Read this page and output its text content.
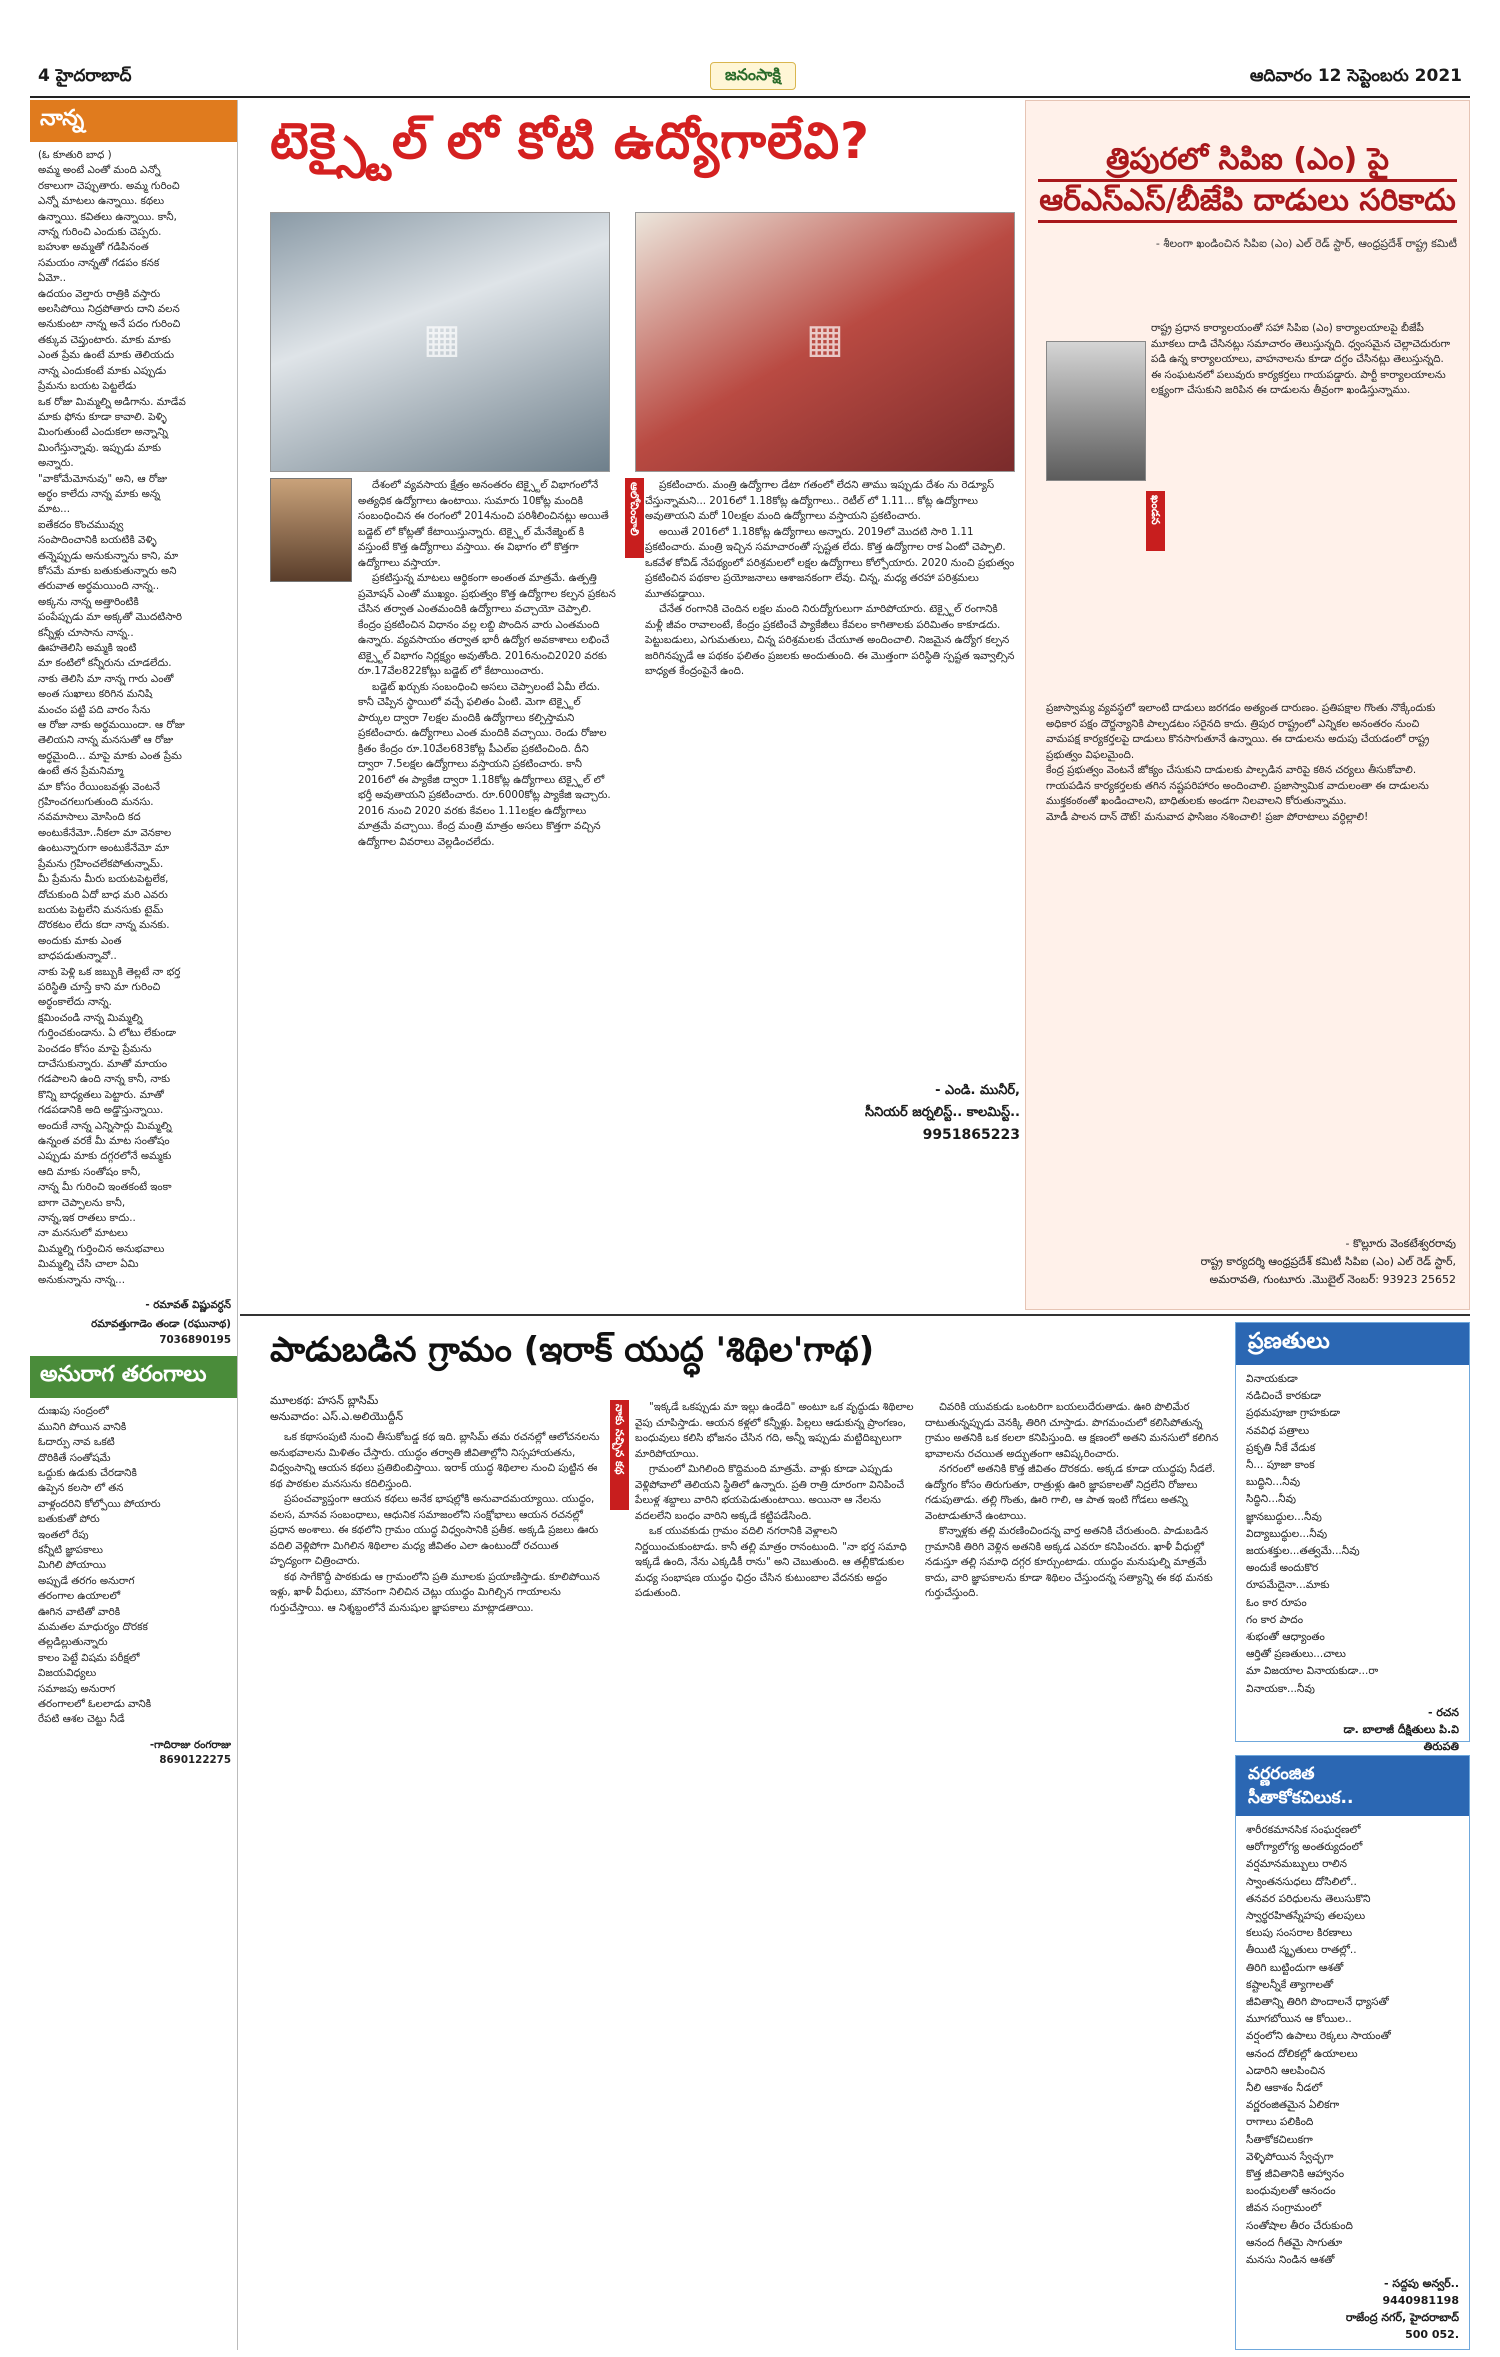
4 హైదరాబాద్	జనంసాక్షి	ఆదివారం 12 సెప్టెంబరు 2021
నాన్న
(ఓ కూతురి బాధ )
అమ్మ అంటే ఎంతో మంది ఎన్నో
రకాలుగా చెప్పుతారు. అమ్మ గురించి
ఎన్నో మాటలు ఉన్నాయి. కథలు
ఉన్నాయి. కవితలు ఉన్నాయి. కానీ,
నాన్న గురించి ఎందుకు చెప్పరు.
బహుశా అమ్మతో గడిపినంత
సమయం నాన్నతో గడపం కనక
ఏమో..
ఉదయం వెల్తారు రాత్రికి వస్తారు
అలసిపోయి నిద్రపోతారు దాని వలన
అనుకుంటా నాన్న అనే పదం గురించి
తక్కువ చెప్తుంటారు. మాకు మాకు
ఎంత ప్రేమ ఉంటే మాకు తెలియదు
నాన్న ఎందుకంటే మాకు ఎప్పుడు
ప్రేమను బయట పెట్టలేడు
ఒక రోజు మిమ్మల్ని అడిగాను. మాడేవ
మాకు ఫోను కూడా కావాలి. పెళ్ళి
మింగుతుంటే ఎందుకలా అన్నాన్ని
మింగేస్తున్నావు. ఇప్పుడు మాకు
అన్నారు.
"వాకోమేమోనువు" అని, ఆ రోజు
అర్థం కాలేదు నాన్న మాకు అన్న
మాట...
ఐతేకదం కొంచమువ్వు
సంపాదించానికి బయటికి వెళ్ళి
తన్నెప్పుడు అనుకున్నాను కాని, మా
కోసమే మాకు బతుకుతున్నారు అని
తరువాత అర్థమయింది నాన్న..
అక్కను నాన్న అత్తారింటికి
పంపేప్పుడు మా అక్కతో మొదటిసారి
కన్నీళ్లు చూసాను నాన్న..
ఊహతెలిసి అమ్మకి ఇంటి
మా కంటిలో కన్నీరును చూడలేదు.
నాకు తెలిసి మా నాన్న గారు ఎంతో
అంత సుఖాలు కరిగిన మనిషి
మంచం పట్టి పది వారం సేను
ఆ రోజు నాకు అర్థమయిందా. ఆ రోజు
తెలియని నాన్న మనసుతో ఆ రోజు
అర్థమైంది... మాపై మాకు ఎంత ప్రేమ
ఉంటే తన ప్రేమనిమ్మా
మా కోసం రేయింబవళ్లు వెంటనే
గ్రహించగలుగుతుంది మనసు.
నవమాసాలు మోసింది కద
అంటుకేనేమో..నీకలా మా వెనకాల
ఉంటున్నారుగా అంటుకేనేమో మా
ప్రేమను గ్రహించలేకపోతున్నామ్.
మీ ప్రేమను మీరు బయటపెట్టలేక,
దోచుకుంది ఏదో బాధ మరి ఎవరు
బయట పెట్టలేని మనసుకు టైమ్
దొరకటం లేదు కదా నాన్న మనకు.
అందుకు మాకు ఎంత
బాధపడుతున్నావో..
నాకు పెళ్లి ఒక జబ్బుకి తెల్లటే నా భర్త
పరిస్థితి చూస్తే కాని మా గురించి
అర్థంకాలేదు నాన్న.
క్షమించండి నాన్న మిమ్మల్ని
గుర్తించకుండాను. ఏ లోటు లేకుండా
పెంచడం కోసం మాపై ప్రేమను
దాచేసుకున్నారు. మాతో మాయం
గడపాలని ఉంది నాన్న కానీ, నాకు
కొన్ని బాధ్యతలు పెట్టారు. మాతో
గడపడానికి అది అడ్డొస్తున్నాయి.
అందుకే నాన్న ఎన్నిసార్లు మిమ్మల్ని
ఉన్నంత వరకే మీ మాట సంతోషం
ఎప్పుడు మాకు దగ్గరలోనే అమ్మకు
ఆది మాకు సంతోషం కానీ,
నాన్న మీ గురించి ఇంతకంటే ఇంకా
బాగా చెప్పాలను కానీ,
నాన్న,ఇక రాతలు కాదు..
నా మనసులో మాటలు
మిమ్మల్ని గుర్తించిన అనుభవాలు
మిమ్మల్ని చేసి చాలా ఏమి
అనుకున్నాను నాన్న...
- రమావత్ విష్ణువర్ధన్
రమావత్తుగాడెం తండా (రఘునాథ)
7036890195
అనురాగ తరంగాలు
దుఃఖపు సంద్రంలో
మునిగి పోయిన వానికి
ఓదార్పు నావ ఒకటి
దొరికితే సంతోషమే
ఒద్దుకు ఉడుకు చేరడానికి
ఉప్పెన కలసా లో తన
వాళ్లందరిని కోల్పోయి పోయారు
బతుకుతో పోరు
ఇంతలో రేపు
కన్నీటి జ్ఞాపకాలు
మిగిలి పోయాయి
అప్పుడే తరగం అనురాగ
తరంగాల ఉయాలలో
ఊగిన వాటితో వారికి
మమతల మాధుర్యం దొరకక
తల్లడిల్లుతున్నారు
కాలం పెట్టే విషమ పరీక్షలో
విజయవిధ్యలు
సమాజపు అనురాగ
తరంగాలలో ఓలలాడు వానికి
రేపటి ఆశల చెట్టు నీడే
-గాదిరాజు రంగరాజు
8690122275
టెక్స్టైల్ లో కోటి ఉద్యోగాలేవి?
▦	▦

దేశంలో వ్యవసాయ క్షేత్రం అనంతరం టెక్స్టైల్ విభాగంలోనే అత్యధిక ఉద్యోగాలు ఉంటాయి. సుమారు 10కోట్ల మందికి సంబంధించిన ఈ రంగంలో 2014నుంచి పరిశీలించినట్లు అయితే బడ్జెట్ లో కోట్లతో కేటాయిస్తున్నారు. టెక్స్టైల్ మేనేజ్మెంట్ కి వస్తుంటే కొత్త ఉద్యోగాలు వస్తాయి. ఈ విభాగం లో కొత్తగా ఉద్యోగాలు వస్తాయా.

ప్రకటిస్తున్న మాటలు ఆర్థికంగా అంతంత మాత్రమే. ఉత్పత్తి ప్రమోషన్ ఎంతో ముఖ్యం. ప్రభుత్వం కొత్త ఉద్యోగాల కల్పన ప్రకటన చేసిన తర్వాత ఎంతమందికి ఉద్యోగాలు వచ్చాయో చెప్పాలి. కేంద్రం ప్రకటించిన విధానం వల్ల లబ్ది పొందిన వారు ఎంతమంది ఉన్నారు. వ్యవసాయం తర్వాత భారీ ఉద్యోగ అవకాశాలు లభించే టెక్స్టైల్ విభాగం నిర్లక్ష్యం అవుతోంది. 2016నుంచి2020 వరకు రూ.17వేల822కోట్లు బడ్జెట్ లో కేటాయించారు.

బడ్జెట్ ఖర్చుకు సంబంధించి అసలు చెప్పాలంటే ఏమీ లేదు. కానీ చెప్పిన స్థాయిలో వచ్చే ఫలితం ఏంటి. మెగా టెక్స్టైల్ పార్కుల ద్వారా 7లక్షల మందికి ఉద్యోగాలు కల్పిస్తామని ప్రకటించారు. ఉద్యోగాలు ఎంత మందికి వచ్చాయి. రెండు రోజుల క్రితం కేంద్రం రూ.10వేల683కోట్ల పీఎల్ఐ ప్రకటించింది. దీని ద్వారా 7.5లక్షల ఉద్యోగాలు వస్తాయని ప్రకటించారు. కానీ 2016లో ఈ ప్యాకేజి ద్వారా 1.18కోట్ల ఉద్యోగాలు టెక్స్టైల్ లో భర్తీ అవుతాయని ప్రకటించారు. రూ.6000కోట్ల ప్యాకేజి ఇచ్చారు. 2016 నుంచి 2020 వరకు కేవలం 1.11లక్షల ఉద్యోగాలు మాత్రమే వచ్చాయి. కేంద్ర మంత్రి మాత్రం అసలు కొత్తగా వచ్చిన ఉద్యోగాల వివరాలు వెల్లడించలేదు.

ఆలోచించాలి	ప్రకటించారు. మంత్రి ఉద్యోగాల డేటా గతంలో లేదని తాము ఇప్పుడు దేశం ను రెడ్యూస్ చేస్తున్నామని... 2016లో 1.18కోట్ల ఉద్యోగాలు.. రెటీల్ లో 1.11... కోట్ల ఉద్యోగాలు అవుతాయని మరో 10లక్షల మంది ఉద్యోగాలు వస్తాయని ప్రకటించారు.

అయితే 2016లో 1.18కోట్ల ఉద్యోగాలు అన్నారు. 2019లో మొదటి సారి 1.11 ప్రకటించారు. మంత్రి ఇచ్చిన సమాచారంతో స్పష్టత లేదు. కొత్త ఉద్యోగాల రాక ఏంటో చెప్పాలి. ఒకవేళ కోవిడ్ నేపథ్యంలో పరిశ్రమలలో లక్షల ఉద్యోగాలు కోల్పోయారు. 2020 నుంచి ప్రభుత్వం ప్రకటించిన పథకాల ప్రయోజనాలు ఆశాజనకంగా లేవు. చిన్న, మధ్య తరహా పరిశ్రమలు మూతపడ్డాయి.

చేనేత రంగానికి చెందిన లక్షల మంది నిరుద్యోగులుగా మారిపోయారు. టెక్స్టైల్ రంగానికి మళ్లీ జీవం రావాలంటే, కేంద్రం ప్రకటించే ప్యాకేజీలు కేవలం కాగితాలకు పరిమితం కాకూడదు. పెట్టుబడులు, ఎగుమతులు, చిన్న పరిశ్రమలకు చేయూత అందించాలి. నిజమైన ఉద్యోగ కల్పన జరిగినప్పుడే ఆ పథకం ఫలితం ప్రజలకు అందుతుంది. ఈ మొత్తంగా పరిస్థితి స్పష్టత ఇవ్వాల్సిన బాధ్యత కేంద్రంపైనే ఉంది.

- ఎండి. మునీర్,
సీనియర్ జర్నలిస్ట్.. కాలమిస్ట్..
9951865223
త్రిపురలో సిపిఐ (ఎం) పై
ఆర్ఎస్ఎస్/బీజేపి దాడులు సరికాదు
- శీలంగా ఖండించిన సిపిఐ (ఎం) ఎల్ రెడ్ స్టార్, ఆంధ్రప్రదేశ్ రాష్ట్ర కమిటీ
ఖండన

రాష్ట్ర ప్రధాన కార్యాలయంతో సహా సిపిఐ (ఎం) కార్యాలయాలపై బీజేపీ మూకలు దాడి చేసినట్లు సమాచారం తెలుస్తున్నది. ధ్వంసమైన చెల్లాచెదురుగా పడి ఉన్న కార్యాలయాలు, వాహనాలను కూడా దగ్ధం చేసినట్లు తెలుస్తున్నది.

ఈ సంఘటనలో పలువురు కార్యకర్తలు గాయపడ్డారు. పార్టీ కార్యాలయాలను లక్ష్యంగా చేసుకుని జరిపిన ఈ దాడులను తీవ్రంగా ఖండిస్తున్నాము.

ప్రజాస్వామ్య వ్యవస్థలో ఇలాంటి దాడులు జరగడం అత్యంత దారుణం. ప్రతిపక్షాల గొంతు నొక్కేందుకు అధికార పక్షం దౌర్జన్యానికి పాల్పడటం సరైనది కాదు. త్రిపుర రాష్ట్రంలో ఎన్నికల అనంతరం నుంచి వామపక్ష కార్యకర్తలపై దాడులు కొనసాగుతూనే ఉన్నాయి. ఈ దాడులను అదుపు చేయడంలో రాష్ట్ర ప్రభుత్వం విఫలమైంది.

కేంద్ర ప్రభుత్వం వెంటనే జోక్యం చేసుకుని దాడులకు పాల్పడిన వారిపై కఠిన చర్యలు తీసుకోవాలి. గాయపడిన కార్యకర్తలకు తగిన నష్టపరిహారం అందించాలి. ప్రజాస్వామిక వాదులంతా ఈ దాడులను ముక్తకంఠంతో ఖండించాలని, బాధితులకు అండగా నిలవాలని కోరుతున్నాము.

మోడీ పాలన దాన్ దౌట్! మనువాద ఫాసిజం నశించాలి! ప్రజా పోరాటాలు వర్ధిల్లాలి!

- కొల్లూరు వెంకటేశ్వరరావు
రాష్ట్ర కార్యదర్శి ఆంధ్రప్రదేశ్ కమిటీ సిపిఐ (ఎం) ఎల్ రెడ్ స్టార్,
అమరావతి, గుంటూరు .మొబైల్ నెంబర్: 93923 25652
పాడుబడిన గ్రామం (ఇరాక్ యుద్ధ 'శిథిల'గాథ)
మూలకథ: హసన్ బ్లాసిమ్
అనువాదం: ఎస్.ఎ.అలియొద్దీన్

ఒక కథాసంపుటి నుంచి తీసుకోబడ్డ కథ ఇది. బ్లాసిమ్ తమ రచనల్లో ఆలోచనలను అనుభవాలను మిళితం చేస్తారు. యుద్ధం తర్వాతి జీవితాల్లోని నిస్సహాయతను, విధ్వంసాన్ని ఆయన కథలు ప్రతిబింబిస్తాయి. ఇరాక్ యుద్ధ శిథిలాల నుంచి పుట్టిన ఈ కథ పాఠకుల మనసును కదిలిస్తుంది.

ప్రపంచవ్యాప్తంగా ఆయన కథలు అనేక భాషల్లోకి అనువాదమయ్యాయి. యుద్ధం, వలస, మానవ సంబంధాలు, ఆధునిక సమాజంలోని సంక్షోభాలు ఆయన రచనల్లో ప్రధాన అంశాలు. ఈ కథలోని గ్రామం యుద్ధ విధ్వంసానికి ప్రతీక. అక్కడి ప్రజలు ఊరు వదిలి వెళ్లిపోగా మిగిలిన శిథిలాల మధ్య జీవితం ఎలా ఉంటుందో రచయిత హృద్యంగా చిత్రించారు.

కథ సాగేకొద్దీ పాఠకుడు ఆ గ్రామంలోని ప్రతి మూలకు ప్రయాణిస్తాడు. కూలిపోయిన ఇళ్లు, ఖాళీ వీధులు, మౌనంగా నిలిచిన చెట్లు యుద్ధం మిగిల్చిన గాయాలను గుర్తుచేస్తాయి. ఆ నిశ్శబ్దంలోనే మనుషుల జ్ఞాపకాలు మాట్లాడతాయి.

నాకు నచ్చిన కథ	"ఇక్కడే ఒకప్పుడు మా ఇల్లు ఉండేది" అంటూ ఒక వృద్ధుడు శిథిలాల వైపు చూపిస్తాడు. ఆయన కళ్లలో కన్నీళ్లు. పిల్లలు ఆడుకున్న ప్రాంగణం, బంధువులు కలిసి భోజనం చేసిన గది, అన్నీ ఇప్పుడు మట్టిదిబ్బలుగా మారిపోయాయి.

గ్రామంలో మిగిలింది కొద్దిమంది మాత్రమే. వాళ్లు కూడా ఎప్పుడు వెళ్లిపోవాలో తెలియని స్థితిలో ఉన్నారు. ప్రతి రాత్రి దూరంగా వినిపించే పేలుళ్ల శబ్దాలు వారిని భయపెడుతుంటాయి. అయినా ఆ నేలను వదలలేని బంధం వారిని అక్కడే కట్టిపడేసింది.

ఒక యువకుడు గ్రామం వదిలి నగరానికి వెళ్లాలని నిర్ణయించుకుంటాడు. కానీ తల్లి మాత్రం రానంటుంది. "నా భర్త సమాధి ఇక్కడే ఉంది, నేను ఎక్కడికీ రాను" అని చెబుతుంది. ఆ తల్లీకొడుకుల మధ్య సంభాషణ యుద్ధం ఛిద్రం చేసిన కుటుంబాల వేదనకు అద్దం పడుతుంది.

చివరికి యువకుడు ఒంటరిగా బయలుదేరుతాడు. ఊరి పొలిమేర దాటుతున్నప్పుడు వెనక్కి తిరిగి చూస్తాడు. పొగమంచులో కలిసిపోతున్న గ్రామం అతనికి ఒక కలలా కనిపిస్తుంది. ఆ క్షణంలో అతని మనసులో కలిగిన భావాలను రచయిత అద్భుతంగా ఆవిష్కరించారు.

నగరంలో అతనికి కొత్త జీవితం దొరకదు. అక్కడ కూడా యుద్ధపు నీడలే. ఉద్యోగం కోసం తిరుగుతూ, రాత్రుళ్లు ఊరి జ్ఞాపకాలతో నిద్రలేని రోజులు గడుపుతాడు. తల్లి గొంతు, ఊరి గాలి, ఆ పాత ఇంటి గోడలు అతన్ని వెంటాడుతూనే ఉంటాయి.

కొన్నాళ్లకు తల్లి మరణించిందన్న వార్త అతనికి చేరుతుంది. పాడుబడిన గ్రామానికి తిరిగి వెళ్లిన అతనికి అక్కడ ఎవరూ కనిపించరు. ఖాళీ వీధుల్లో నడుస్తూ తల్లి సమాధి దగ్గర కూర్చుంటాడు. యుద్ధం మనుషుల్ని మాత్రమే కాదు, వారి జ్ఞాపకాలను కూడా శిథిలం చేస్తుందన్న సత్యాన్ని ఈ కథ మనకు గుర్తుచేస్తుంది.

ప్రణతులు
వినాయకుడా
నడిచించే కారకుడా
ప్రథమపూజా గ్రాహకుడా
నవవిధ పత్రాలు
ప్రకృతి నీకే వేడుక
నీ... పూజా కాంక
బుద్ధిని...నీవు
సిద్ధిని...నీవు
జ్ఞానబుద్ధుల...నీవు
విద్యాబుద్ధుల...నీవు
జయశక్తుల...తత్వమే...నీవు
అందుకే అందుకొర
రూపమేదైనా...మాకు
ఓం కార రూపం
గం కార పాదం
శుభంతో ఆధ్యాంతం
ఆర్తితో ప్రణతులు...చాలు
మా విజయాల వినాయకుడా...రా
వినాయకా...నీవు
- రచన
డా. బాలాజీ దీక్షితులు పి.వి
తిరుపతి
వర్ణరంజిత
సీతాకోకచిలుక..
శారీరకమానసిక సంఘర్షణలో
ఆరోగ్యాలోగ్య అంతర్యుదంలో
వర్షమానమబ్బులు రాలిన
స్వాంతనసుధలు దోసిలిలో..
తనవర పరిధులను తెలుసుకొని
స్వార్థరహితస్నేహపు తలపులు
కలుపు సంసరాల కిరణాలు
తీయిటి స్మృతులు రాతల్లో..
తిరిగి బుట్టిందుగా ఆశతో
కష్టాలన్నీకే త్యాగాలతో
జీవితాన్ని తిరిగి పొందాలనే ధ్యాసతో
మూగబోయిన ఆ కోయిల..
వర్షంలోని ఉపాలు రెక్కలు సాయంతో
ఆనంద దోలికల్లో ఉయాలలు
ఎడారిని ఆలపించిన
నీలి ఆకాశం నీడలో
వర్ణరంజితమైన ఏలికగా
రాగాలు పలికింది
సీతాకోకచిలుకగా
వెళ్ళిపోయిన స్వేచ్ఛగా
కొత్త జీవితానికి ఆహ్వానం
బంధువులతో ఆనందం
జీవన సంగ్రామంలో
సంతోషాల తీరం చేరుకుంది
ఆనంద గీతమై సాగుతూ
మనసు నిండిన ఆశతో
- సద్దపు అన్వర్..
9440981198
రాజేంద్ర నగర్, హైదరాబాద్
500 052.
